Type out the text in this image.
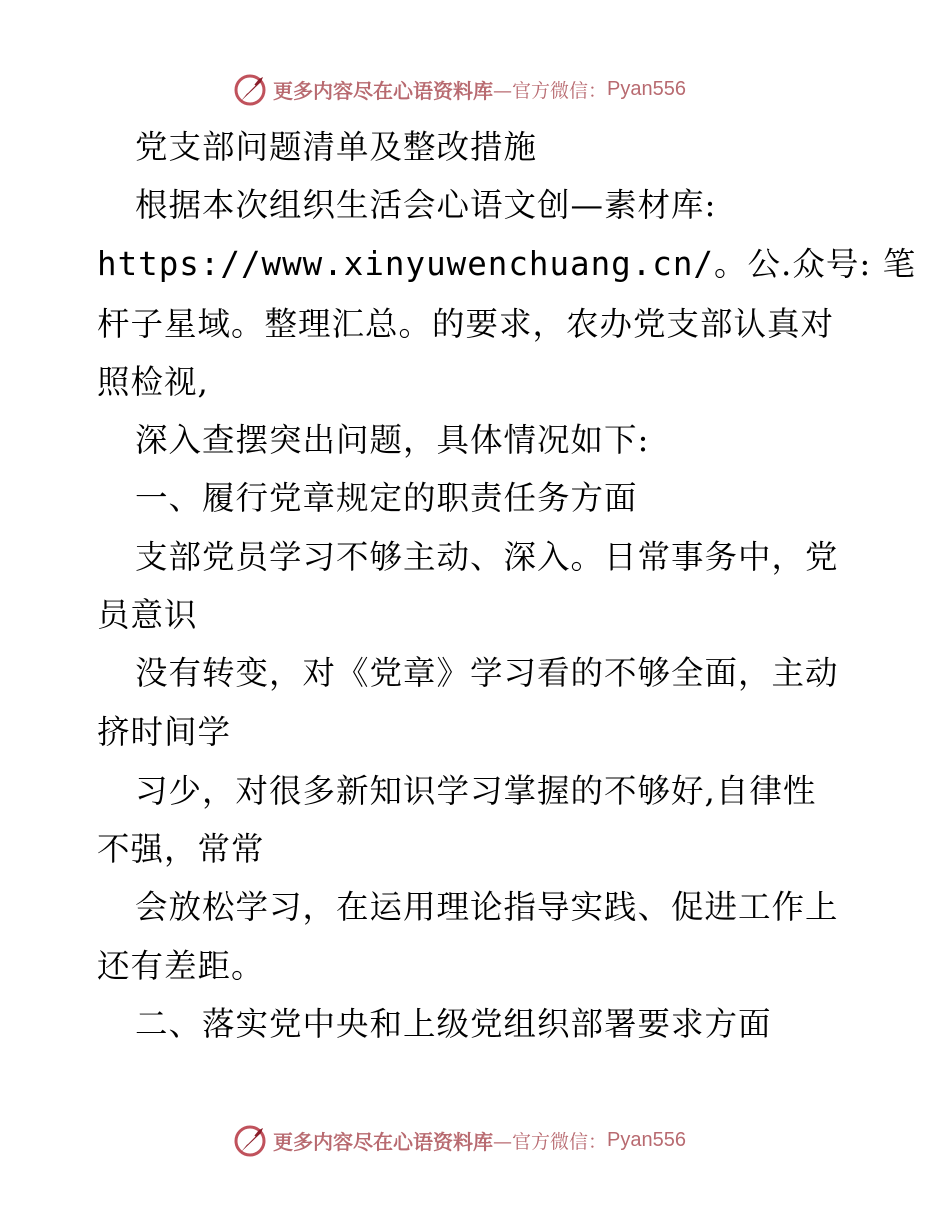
更多内容尽在心语资料库 —官方微信： Pyan556
党支部问题清单及整改措施
根据本次组织生活会心语文创—素材库:
https://www.xinyuwenchuang.cn/。公.众号: 笔
杆子星域。整理汇总。的要求，农办党支部认真对
照检视,
深入查摆突出问题，具体情况如下:
一、履行党章规定的职责任务方面
支部党员学习不够主动、深入。日常事务中，党
员意识
没有转变，对《党章》学习看的不够全面，主动
挤时间学
习少，对很多新知识学习掌握的不够好,自律性
不强，常常
会放松学习，在运用理论指导实践、促进工作上
还有差距。
二、落实党中央和上级党组织部署要求方面
更多内容尽在心语资料库 —官方微信： Pyan556
